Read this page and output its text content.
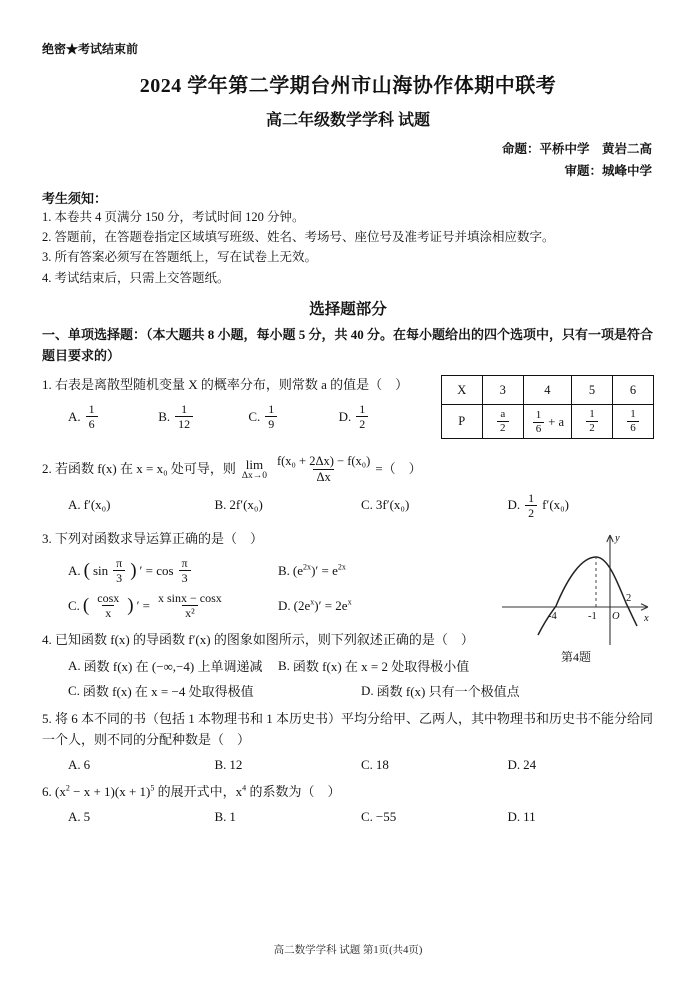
绝密★考试结束前
2024 学年第二学期台州市山海协作体期中联考
高二年级数学学科 试题
命题：平桥中学　黄岩二高
审题：城峰中学
考生须知：
1. 本卷共 4 页满分 150 分，考试时间 120 分钟。
2. 答题前，在答题卷指定区域填写班级、姓名、考场号、座位号及准考证号并填涂相应数字。
3. 所有答案必须写在答题纸上，写在试卷上无效。
4. 考试结束后，只需上交答题纸。
选择题部分
一、单项选择题：（本大题共 8 小题，每小题 5 分，共 40 分。在每小题给出的四个选项中，只有一项是符合题目要求的）
X	3	4	5	6
P	$\frac{a}{2}$	$\frac{1}{6} + a$	$\frac{1}{2}$	$\frac{1}{6}$
1. 右表是离散型随机变量 X 的概率分布，则常数 a 的值是（　）
A. $\frac{1}{6}$	B. $\frac{1}{12}$	C. $\frac{1}{9}$	D. $\frac{1}{2}$
2. 若函数 f(x) 在 x = x₀ 处可导，则 lim
$\Delta x\to 0 \frac{\text{f(x₀ + 2Δx) − f(x₀)}}{\Delta x}$ =（　）
A. f′(x₀)	B. 2f′(x₀)	C. 3f′(x₀)	D. $\frac{1}{2} f'(x_0)$
y
x
O
-4	-1
2
第4题
3. 下列对函数求导运算正确的是（　）
A. ( $\sin \frac{\pi}{3}$ ) ′ = $\cos \frac{\pi}{3}$	B. $(e^{2x})' = e^{2x}$
C. ( $\frac{\cos x}{x}$ ) ′ = $\frac{\text{x sinx − cosx}}{\text{x²}}$	D. $(2e^x)' = 2e^x$
4. 已知函数 f(x) 的导函数 f′(x) 的图象如图所示，则下列叙述正确的是（　）
A. 函数 f(x) 在 (−∞,−4) 上单调递减 B. 函数 f(x) 在 x = 2 处取得极小值
C. 函数 f(x) 在 x = −4 处取得极值	D. 函数 f(x) 只有一个极值点
5. 将 6 本不同的书（包括 1 本物理书和 1 本历史书）平均分给甲、乙两人，其中物理书和历史书不能分给同一个人，则不同的分配种数是（　）
A. 6	B. 12	C. 18	D. 24
6. $(x^2 - x + 1)(x + 1)^5$ 的展开式中，$x^4$ 的系数为（　）
A. 5	B. 1	C. −55	D. 11
高二数学学科 试题 第1页(共4页)
